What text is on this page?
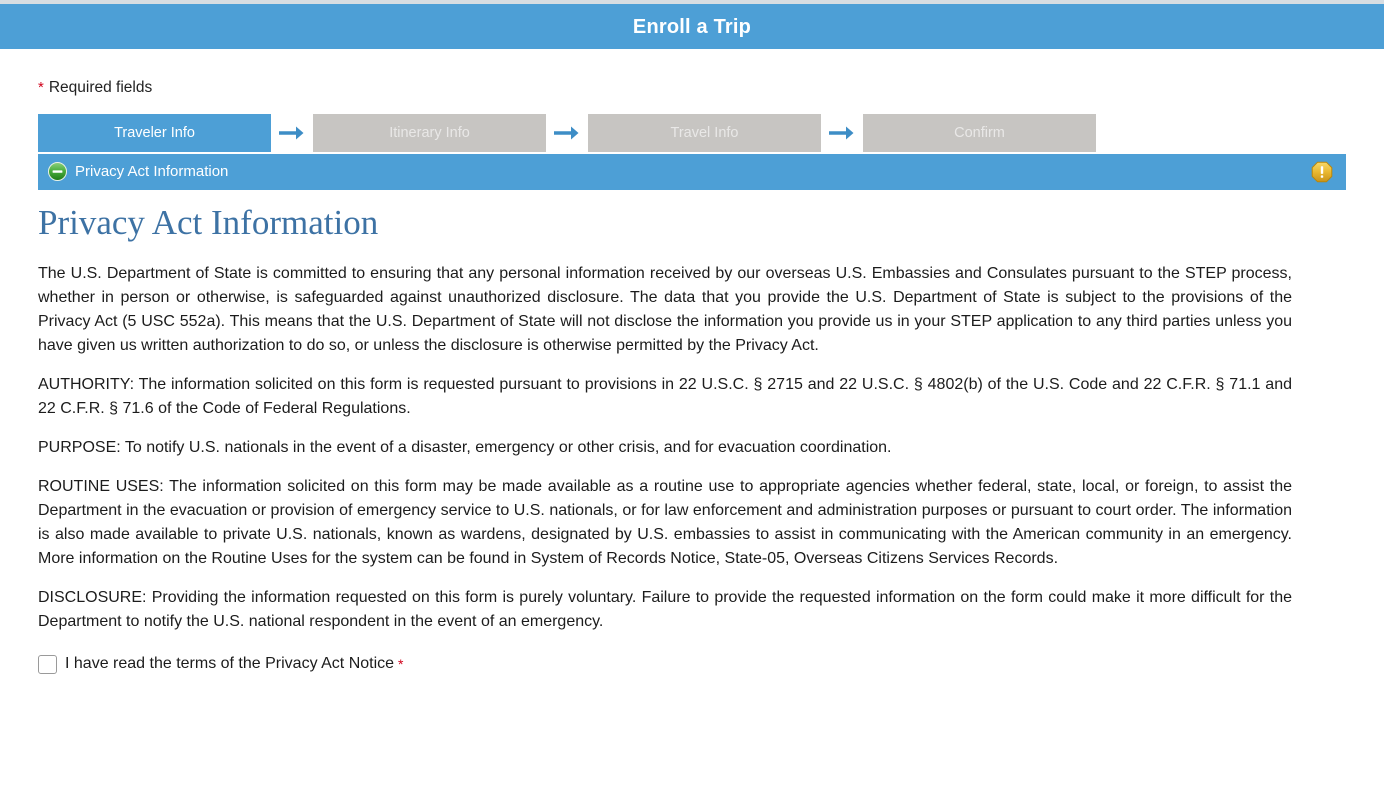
Enroll a Trip
* Required fields
Traveler Info	Itinerary Info	Travel Info	Confirm
Privacy Act Information
Privacy Act Information

The U.S. Department of State is committed to ensuring that any personal information received by our overseas U.S. Embassies and Consulates pursuant to the STEP process, whether in person or otherwise, is safeguarded against unauthorized disclosure. The data that you provide the U.S. Department of State is subject to the provisions of the Privacy Act (5 USC 552a). This means that the U.S. Department of State will not disclose the information you provide us in your STEP application to any third parties unless you have given us written authorization to do so, or unless the disclosure is otherwise permitted by the Privacy Act.

AUTHORITY: The information solicited on this form is requested pursuant to provisions in 22 U.S.C. § 2715 and 22 U.S.C. § 4802(b) of the U.S. Code and 22 C.F.R. § 71.1 and 22 C.F.R. § 71.6 of the Code of Federal Regulations.

PURPOSE: To notify U.S. nationals in the event of a disaster, emergency or other crisis, and for evacuation coordination.

ROUTINE USES: The information solicited on this form may be made available as a routine use to appropriate agencies whether federal, state, local, or foreign, to assist the Department in the evacuation or provision of emergency service to U.S. nationals, or for law enforcement and administration purposes or pursuant to court order. The information is also made available to private U.S. nationals, known as wardens, designated by U.S. embassies to assist in communicating with the American community in an emergency. More information on the Routine Uses for the system can be found in System of Records Notice, State-05, Overseas Citizens Services Records.

DISCLOSURE: Providing the information requested on this form is purely voluntary. Failure to provide the requested information on the form could make it more difficult for the Department to notify the U.S. national respondent in the event of an emergency.

I have read the terms of the Privacy Act Notice *
